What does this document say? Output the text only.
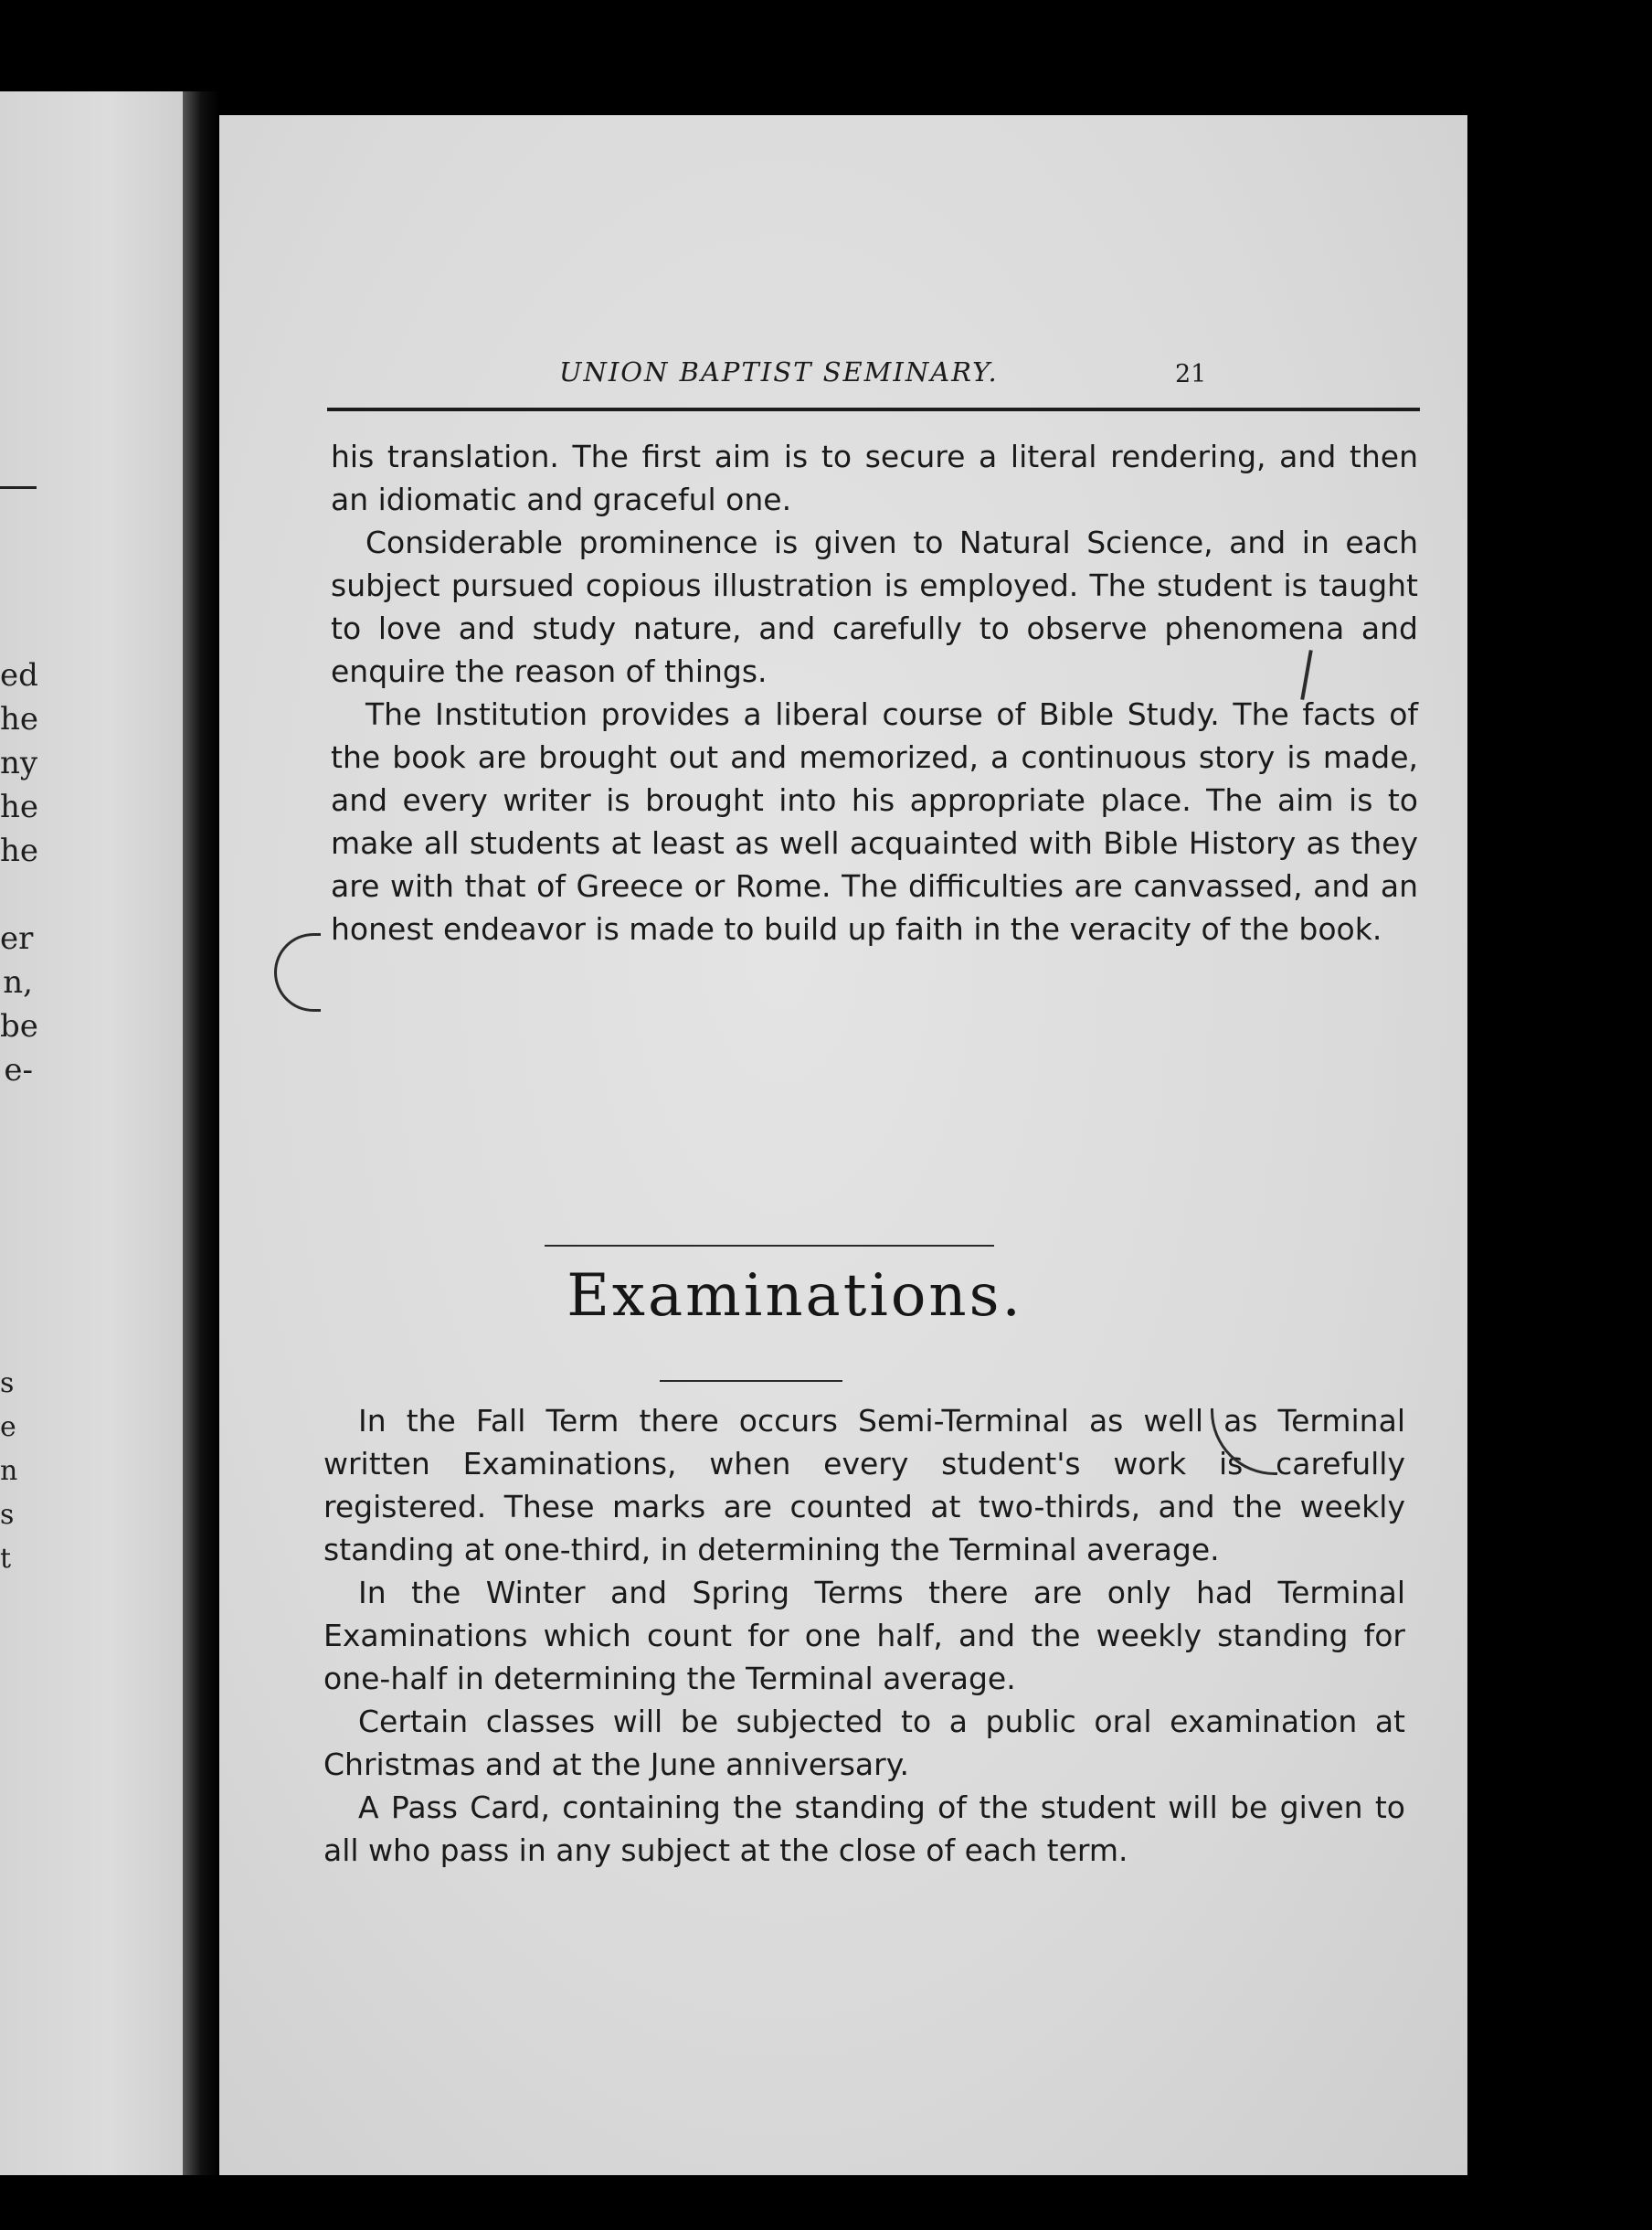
ed
he
ny
he
he
er
n,
be
e-
s
e
n
s
t
UNION BAPTIST SEMINARY.	21

his translation. The first aim is to secure a literal rendering, and then an idiomatic and graceful one.

Considerable prominence is given to Natural Science, and in each subject pursued copious illustration is employed. The student is taught to love and study nature, and carefully to observe phenomena and enquire the reason of things.

The Institution provides a liberal course of Bible Study. The facts of the book are brought out and memorized, a continuous story is made, and every writer is brought into his appropriate place. The aim is to make all students at least as well acquainted with Bible History as they are with that of Greece or Rome. The difficulties are canvassed, and an honest endeavor is made to build up faith in the veracity of the book.

Examinations.

In the Fall Term there occurs Semi-Terminal as well as Terminal written Examinations, when every student's work is carefully registered. These marks are counted at two-thirds, and the weekly standing at one-third, in determining the Terminal average.

In the Winter and Spring Terms there are only had Terminal Examinations which count for one half, and the weekly standing for one-half in determining the Terminal average.

Certain classes will be subjected to a public oral examination at Christmas and at the June anniversary.

A Pass Card, containing the standing of the student will be given to all who pass in any subject at the close of each term.
